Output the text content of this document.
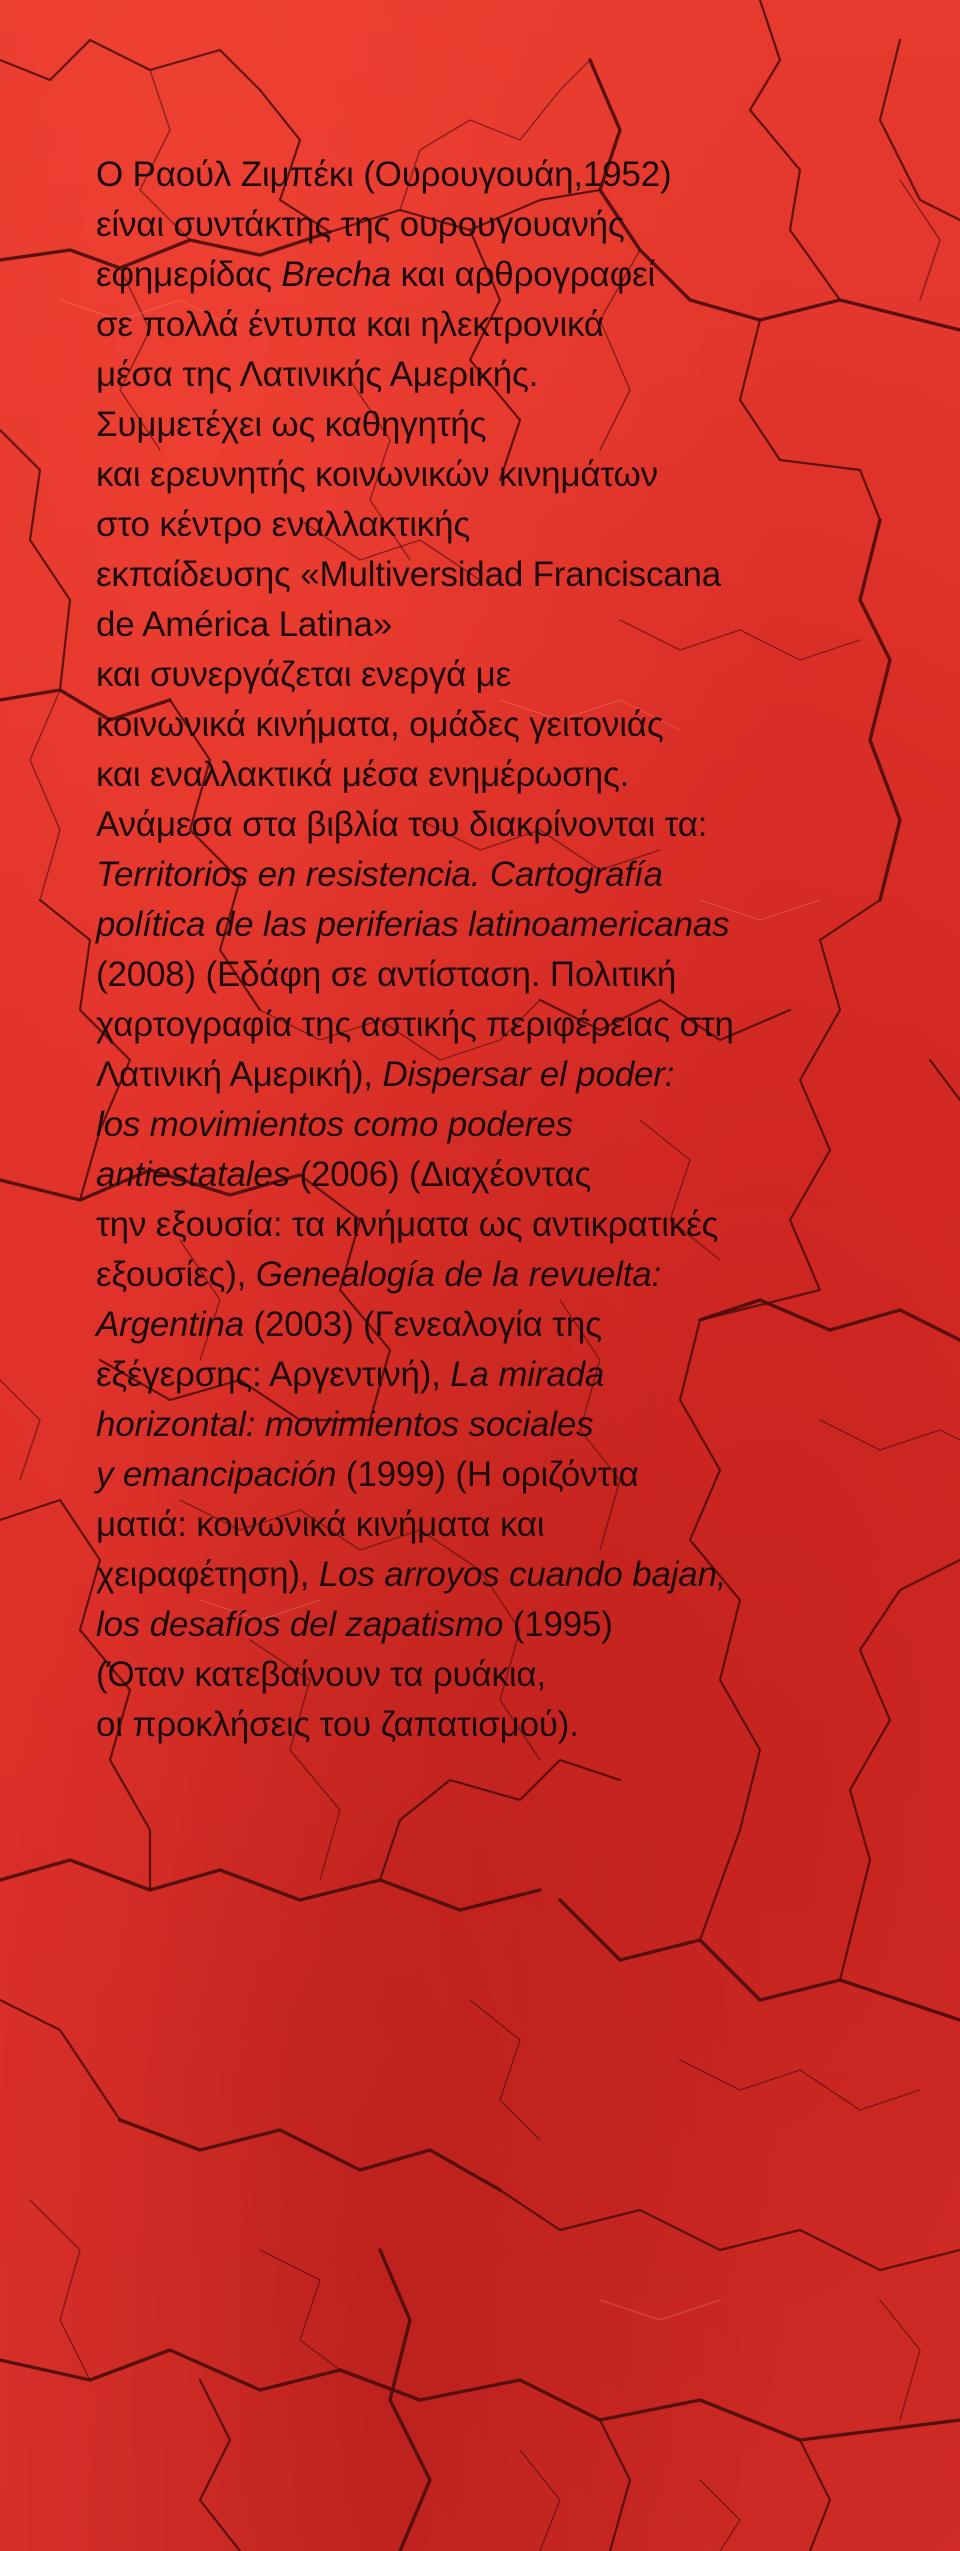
Ο Ραούλ Ζιμπέκι (Ουρουγουάη,1952)
είναι συντάκτης της ουρουγουανής
εφημερίδας Brecha και αρθρογραφεί
σε πολλά έντυπα και ηλεκτρονικά
μέσα της Λατινικής Αμερικής.
Συμμετέχει ως καθηγητής
και ερευνητής κοινωνικών κινημάτων
στο κέντρο εναλλακτικής
εκπαίδευσης «Multiversidad Franciscana
de América Latina»
και συνεργάζεται ενεργά με
κοινωνικά κινήματα, ομάδες γειτονιάς
και εναλλακτικά μέσα ενημέρωσης.
Ανάμεσα στα βιβλία του διακρίνονται τα:
Territorios en resistencia. Cartografía
política de las periferias latinoamericanas
(2008) (Εδάφη σε αντίσταση. Πολιτική
χαρτογραφία της αστικής περιφέρειας στη
Λατινική Αμερική), Dispersar el poder:
los movimientos como poderes
antiestatales (2006) (Διαχέοντας
την εξουσία: τα κινήματα ως αντικρατικές
εξουσίες), Genealogía de la revuelta:
Argentina (2003) (Γενεαλογία της
εξέγερσης: Αργεντινή), La mirada
horizontal: movimientos sociales
y emancipación (1999) (Η οριζόντια
ματιά: κοινωνικά κινήματα και
χειραφέτηση), Los arroyos cuando bajan,
los desafíos del zapatismo (1995)
(Όταν κατεβαίνουν τα ρυάκια,
οι προκλήσεις του ζαπατισμού).
